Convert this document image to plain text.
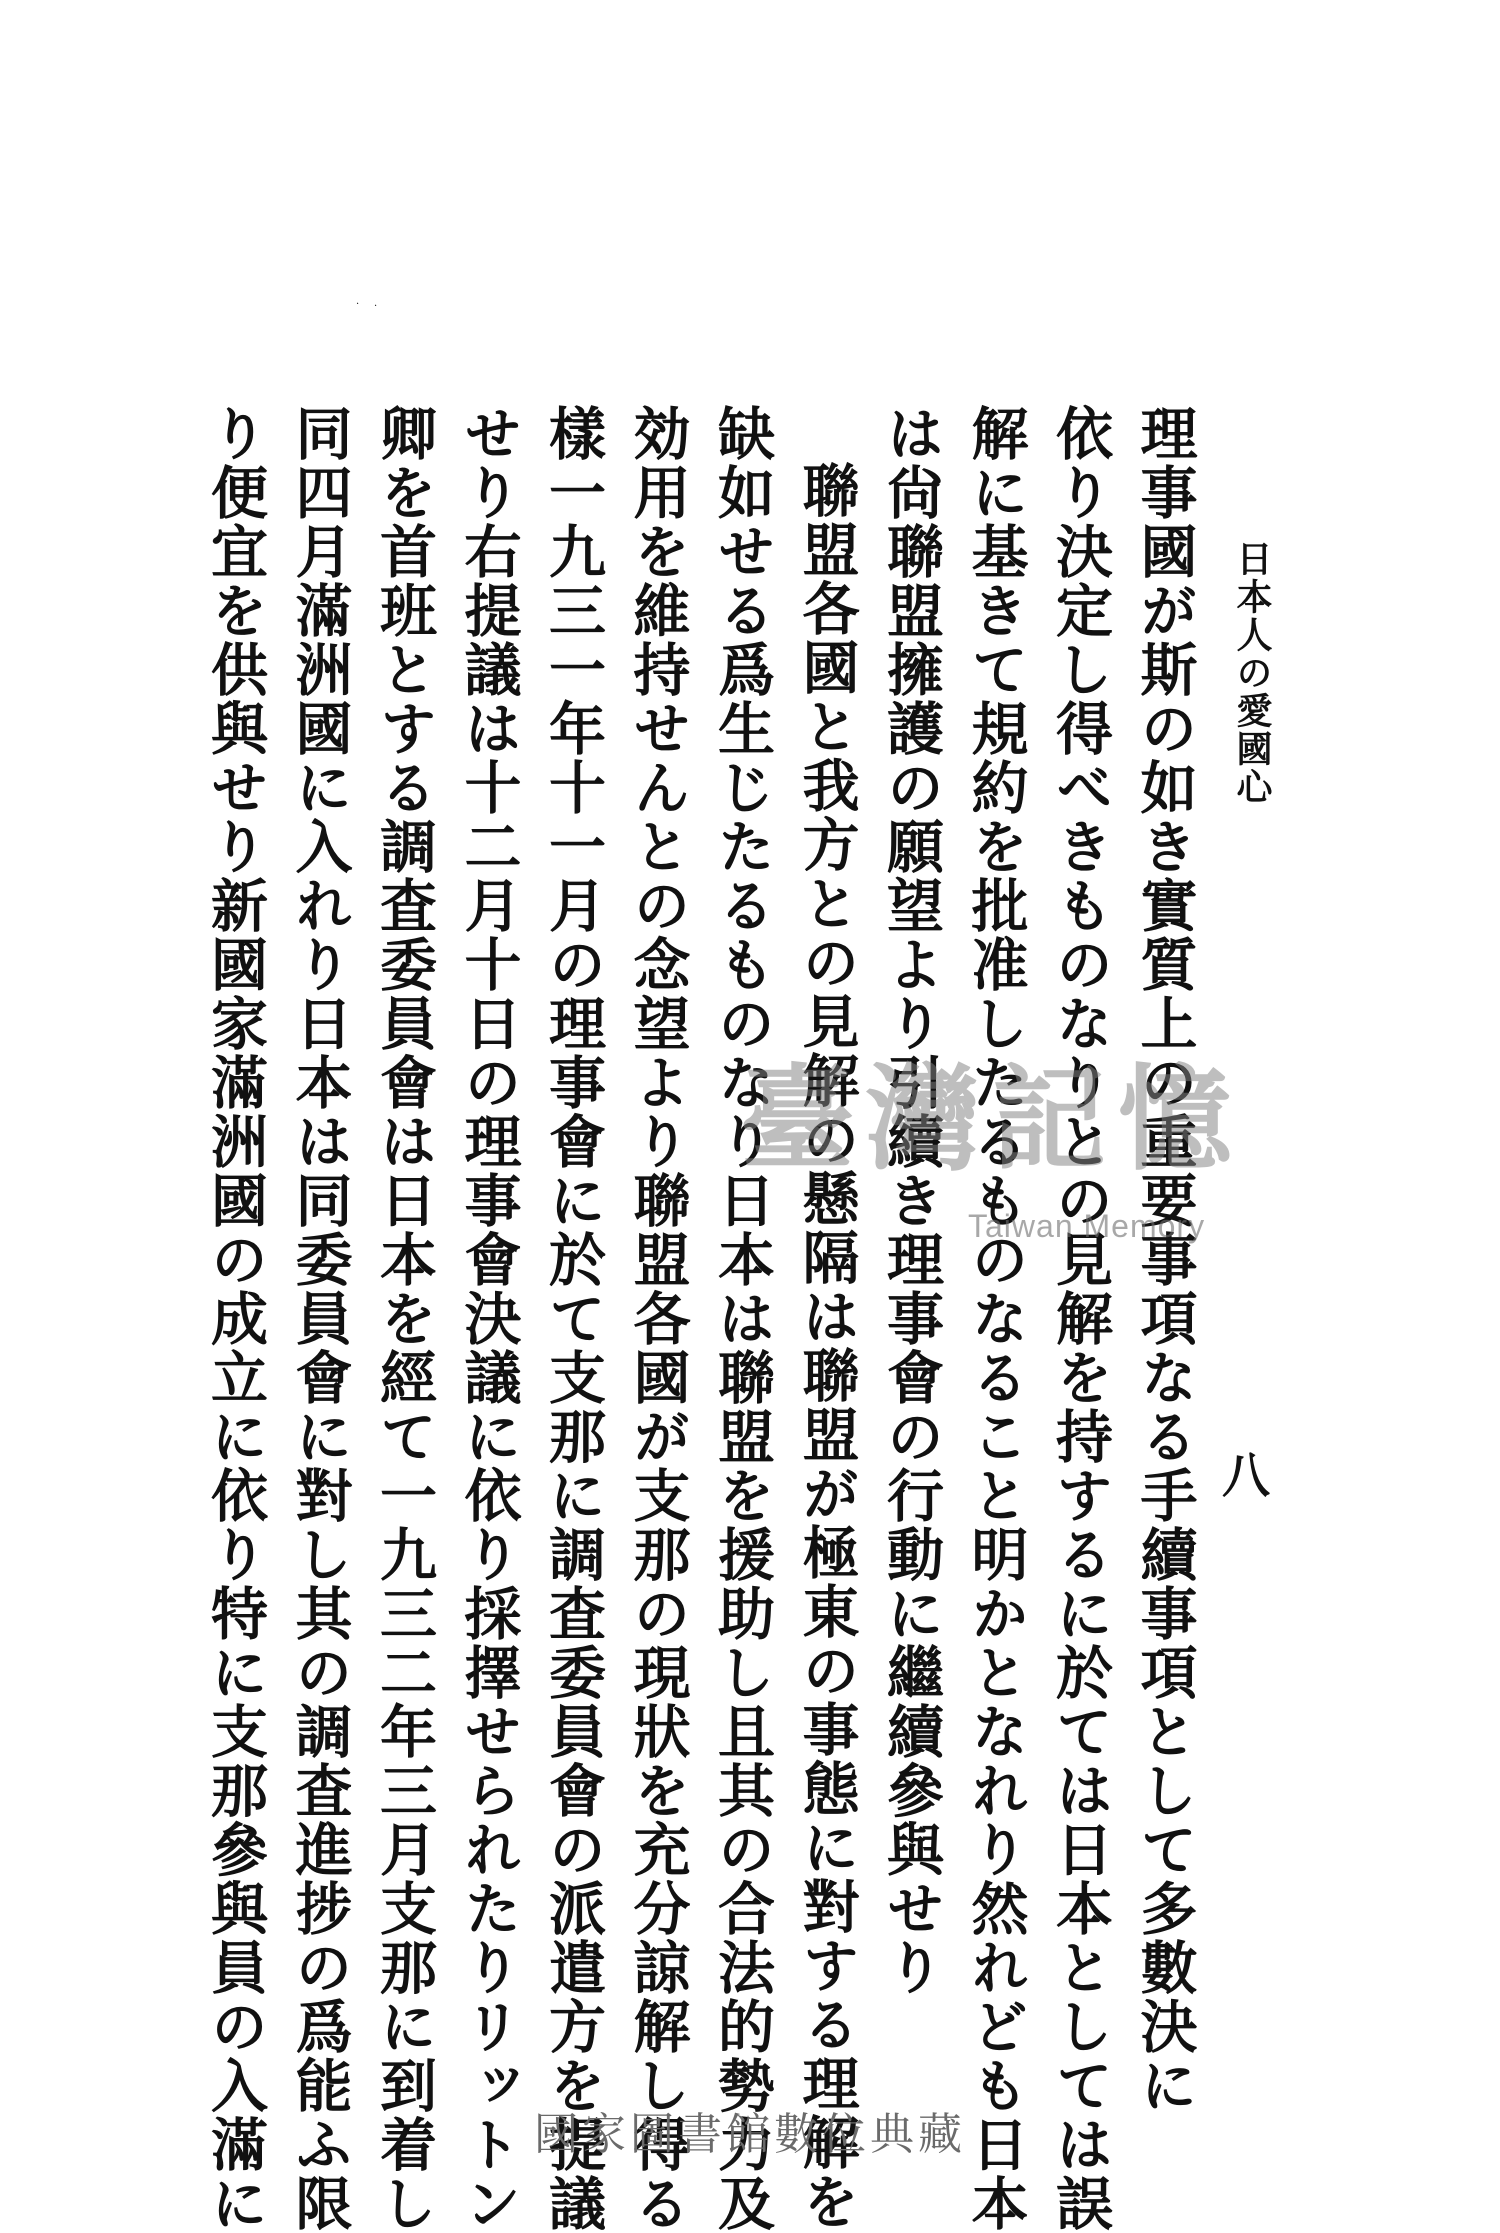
日本人の愛國心
八
· ·
理事國が斯の如き實質上の重要事項なる手續事項として多數決に
依り決定し得べきものなりとの見解を持するに於ては日本としては誤
解に基きて規約を批准したるものなること明かとなれり然れども日本
は尙聯盟擁護の願望より引續き理事會の行動に繼續參與せり
聯盟各國と我方との見解の懸隔は聯盟が極東の事態に對する理解を
缺如せる爲生じたるものなり日本は聯盟を援助し且其の合法的勢力及
効用を維持せんとの念望より聯盟各國が支那の現狀を充分諒解し得る
樣一九三一年十一月の理事會に於て支那に調査委員會の派遣方を提議
せり右提議は十二月十日の理事會決議に依り採擇せられたりリットン
卿を首班とする調査委員會は日本を經て一九三二年三月支那に到着し
同四月滿洲國に入れり日本は同委員會に對し其の調査進捗の爲能ふ限
り便宜を供與せり新國家滿洲國の成立に依り特に支那參與員の入滿に	臺灣記憶
Taiwan Memory
國家圖書館數位典藏
